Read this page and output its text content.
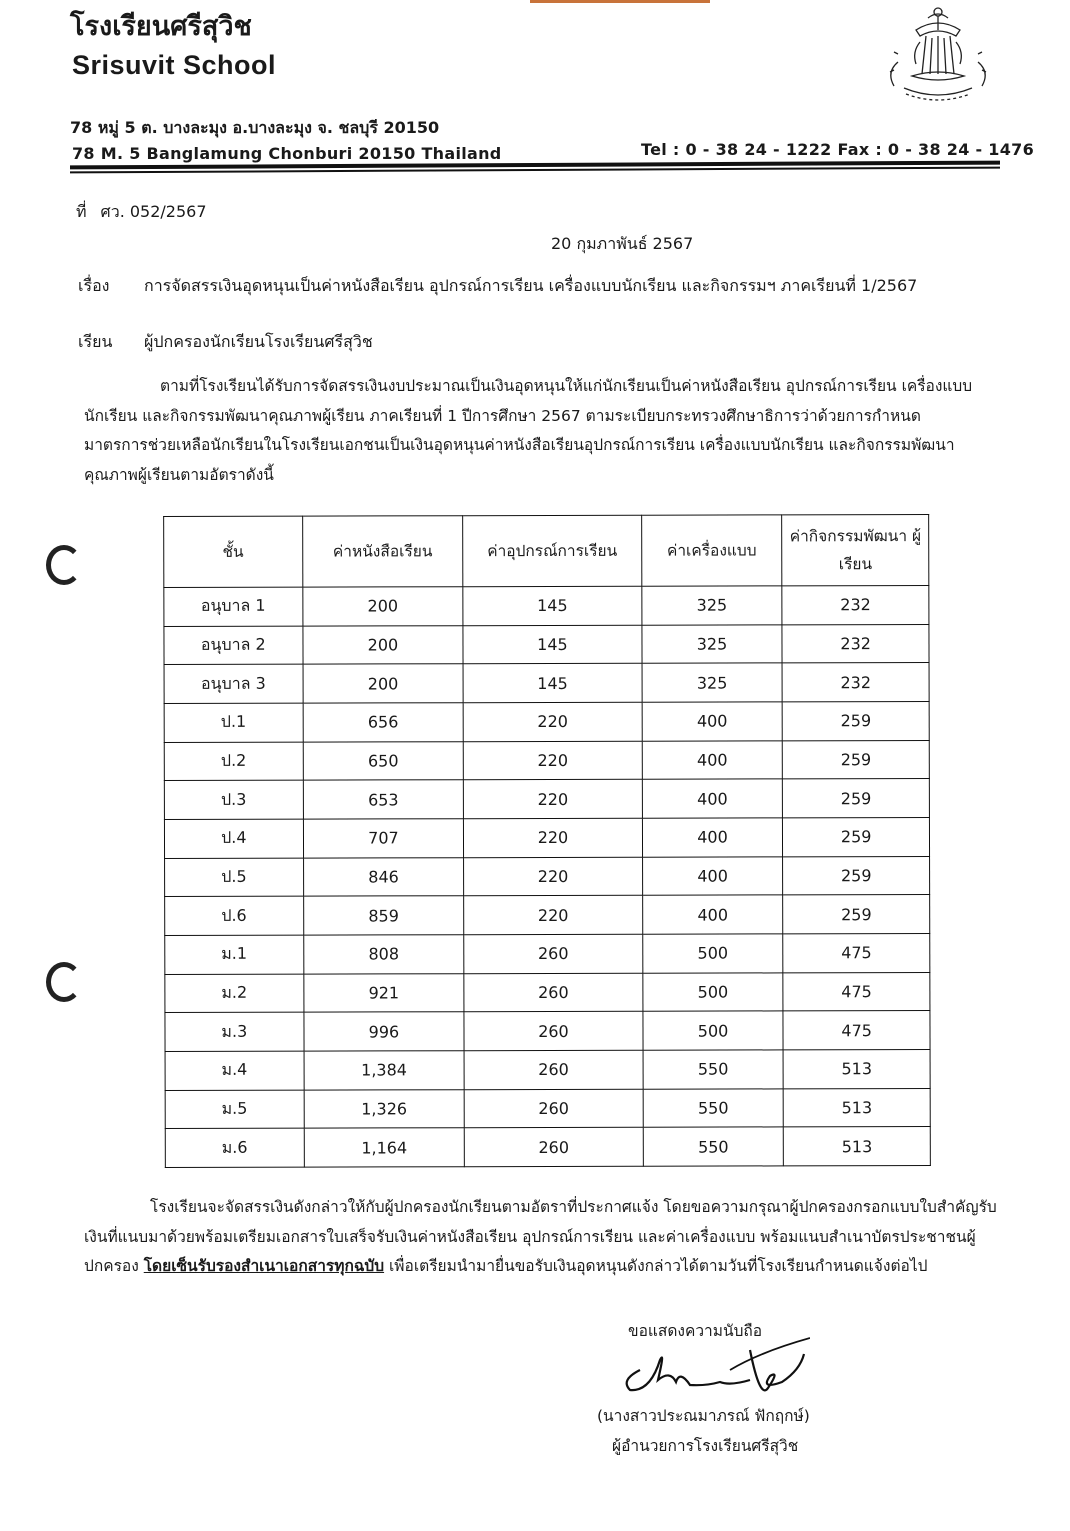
โรงเรียนศรีสุวิช
Srisuvit School
78 หมู่ 5 ต. บางละมุง อ.บางละมุง จ. ชลบุรี 20150
78 M. 5 Banglamung Chonburi 20150 Thailand	Tel : 0 - 38 24 - 1222 Fax : 0 - 38 24 - 1476
ที่ ศว. 052/2567
20 กุมภาพันธ์ 2567
เรื่อง การจัดสรรเงินอุดหนุนเป็นค่าหนังสือเรียน อุปกรณ์การเรียน เครื่องแบบนักเรียน และกิจกรรมฯ ภาคเรียนที่ 1/2567
เรียน ผู้ปกครองนักเรียนโรงเรียนศรีสุวิช
ตามที่โรงเรียนได้รับการจัดสรรเงินงบประมาณเป็นเงินอุดหนุนให้แก่นักเรียนเป็นค่าหนังสือเรียน อุปกรณ์การเรียน เครื่องแบบนักเรียน และกิจกรรมพัฒนาคุณภาพผู้เรียน ภาคเรียนที่ 1 ปีการศึกษา 2567 ตามระเบียบกระทรวงศึกษาธิการว่าด้วยการกำหนดมาตรการช่วยเหลือนักเรียนในโรงเรียนเอกชนเป็นเงินอุดหนุนค่าหนังสือเรียนอุปกรณ์การเรียน เครื่องแบบนักเรียน และกิจกรรมพัฒนาคุณภาพผู้เรียนตามอัตราดังนี้
ชั้น	ค่าหนังสือเรียน	ค่าอุปกรณ์การเรียน	ค่าเครื่องแบบ	ค่ากิจกรรมพัฒนา ผู้เรียน
อนุบาล 1	200	145	325	232
อนุบาล 2	200	145	325	232
อนุบาล 3	200	145	325	232
ป.1	656	220	400	259
ป.2	650	220	400	259
ป.3	653	220	400	259
ป.4	707	220	400	259
ป.5	846	220	400	259
ป.6	859	220	400	259
ม.1	808	260	500	475
ม.2	921	260	500	475
ม.3	996	260	500	475
ม.4	1,384	260	550	513
ม.5	1,326	260	550	513
ม.6	1,164	260	550	513
โรงเรียนจะจัดสรรเงินดังกล่าวให้กับผู้ปกครองนักเรียนตามอัตราที่ประกาศแจ้ง โดยขอความกรุณาผู้ปกครองกรอกแบบใบสำคัญรับเงินที่แนบมาด้วยพร้อมเตรียมเอกสารใบเสร็จรับเงินค่าหนังสือเรียน อุปกรณ์การเรียน และค่าเครื่องแบบ พร้อมแนบสำเนาบัตรประชาชนผู้ปกครอง โดยเซ็นรับรองสำเนาเอกสารทุกฉบับ เพื่อเตรียมนำมายื่นขอรับเงินอุดหนุนดังกล่าวได้ตามวันที่โรงเรียนกำหนดแจ้งต่อไป
ขอแสดงความนับถือ
(นางสาวประณมาภรณ์ ฟักฤกษ์)
ผู้อำนวยการโรงเรียนศรีสุวิช
